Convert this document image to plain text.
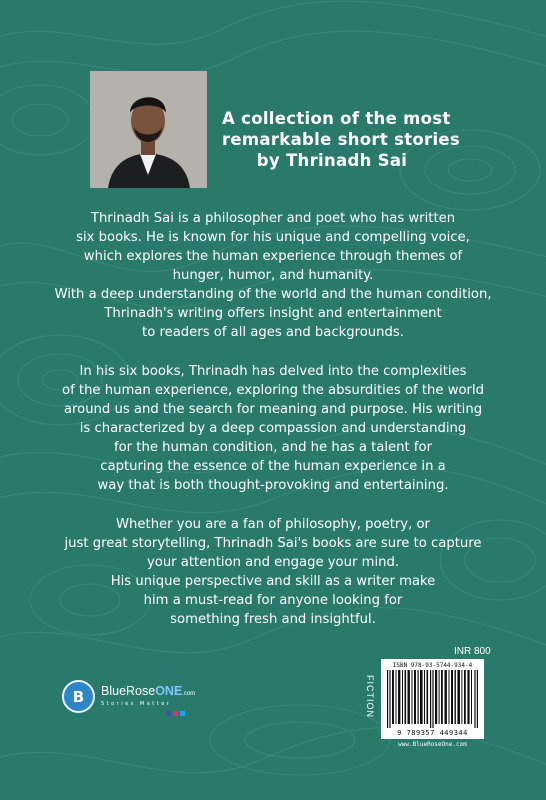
A collection of the most
remarkable short stories
by Thrinadh Sai
Thrinadh Sai is a philosopher and poet who has written
six books. He is known for his unique and compelling voice,
which explores the human experience through themes of
hunger, humor, and humanity.
With a deep understanding of the world and the human condition,
Thrinadh's writing offers insight and entertainment
to readers of all ages and backgrounds.
In his six books, Thrinadh has delved into the complexities
of the human experience, exploring the absurdities of the world
around us and the search for meaning and purpose. His writing
is characterized by a deep compassion and understanding
for the human condition, and he has a talent for
capturing the essence of the human experience in a
way that is both thought-provoking and entertaining.
Whether you are a fan of philosophy, poetry, or
just great storytelling, Thrinadh Sai's books are sure to capture
your attention and engage your mind.
His unique perspective and skill as a writer make
him a must-read for anyone looking for
something fresh and insightful.
INR 800
FICTION
ISBN 978-93-5744-934-4
9 789357 449344
www.BlueRoseOne.com
B	BlueRoseONE.com
Stories Matter
